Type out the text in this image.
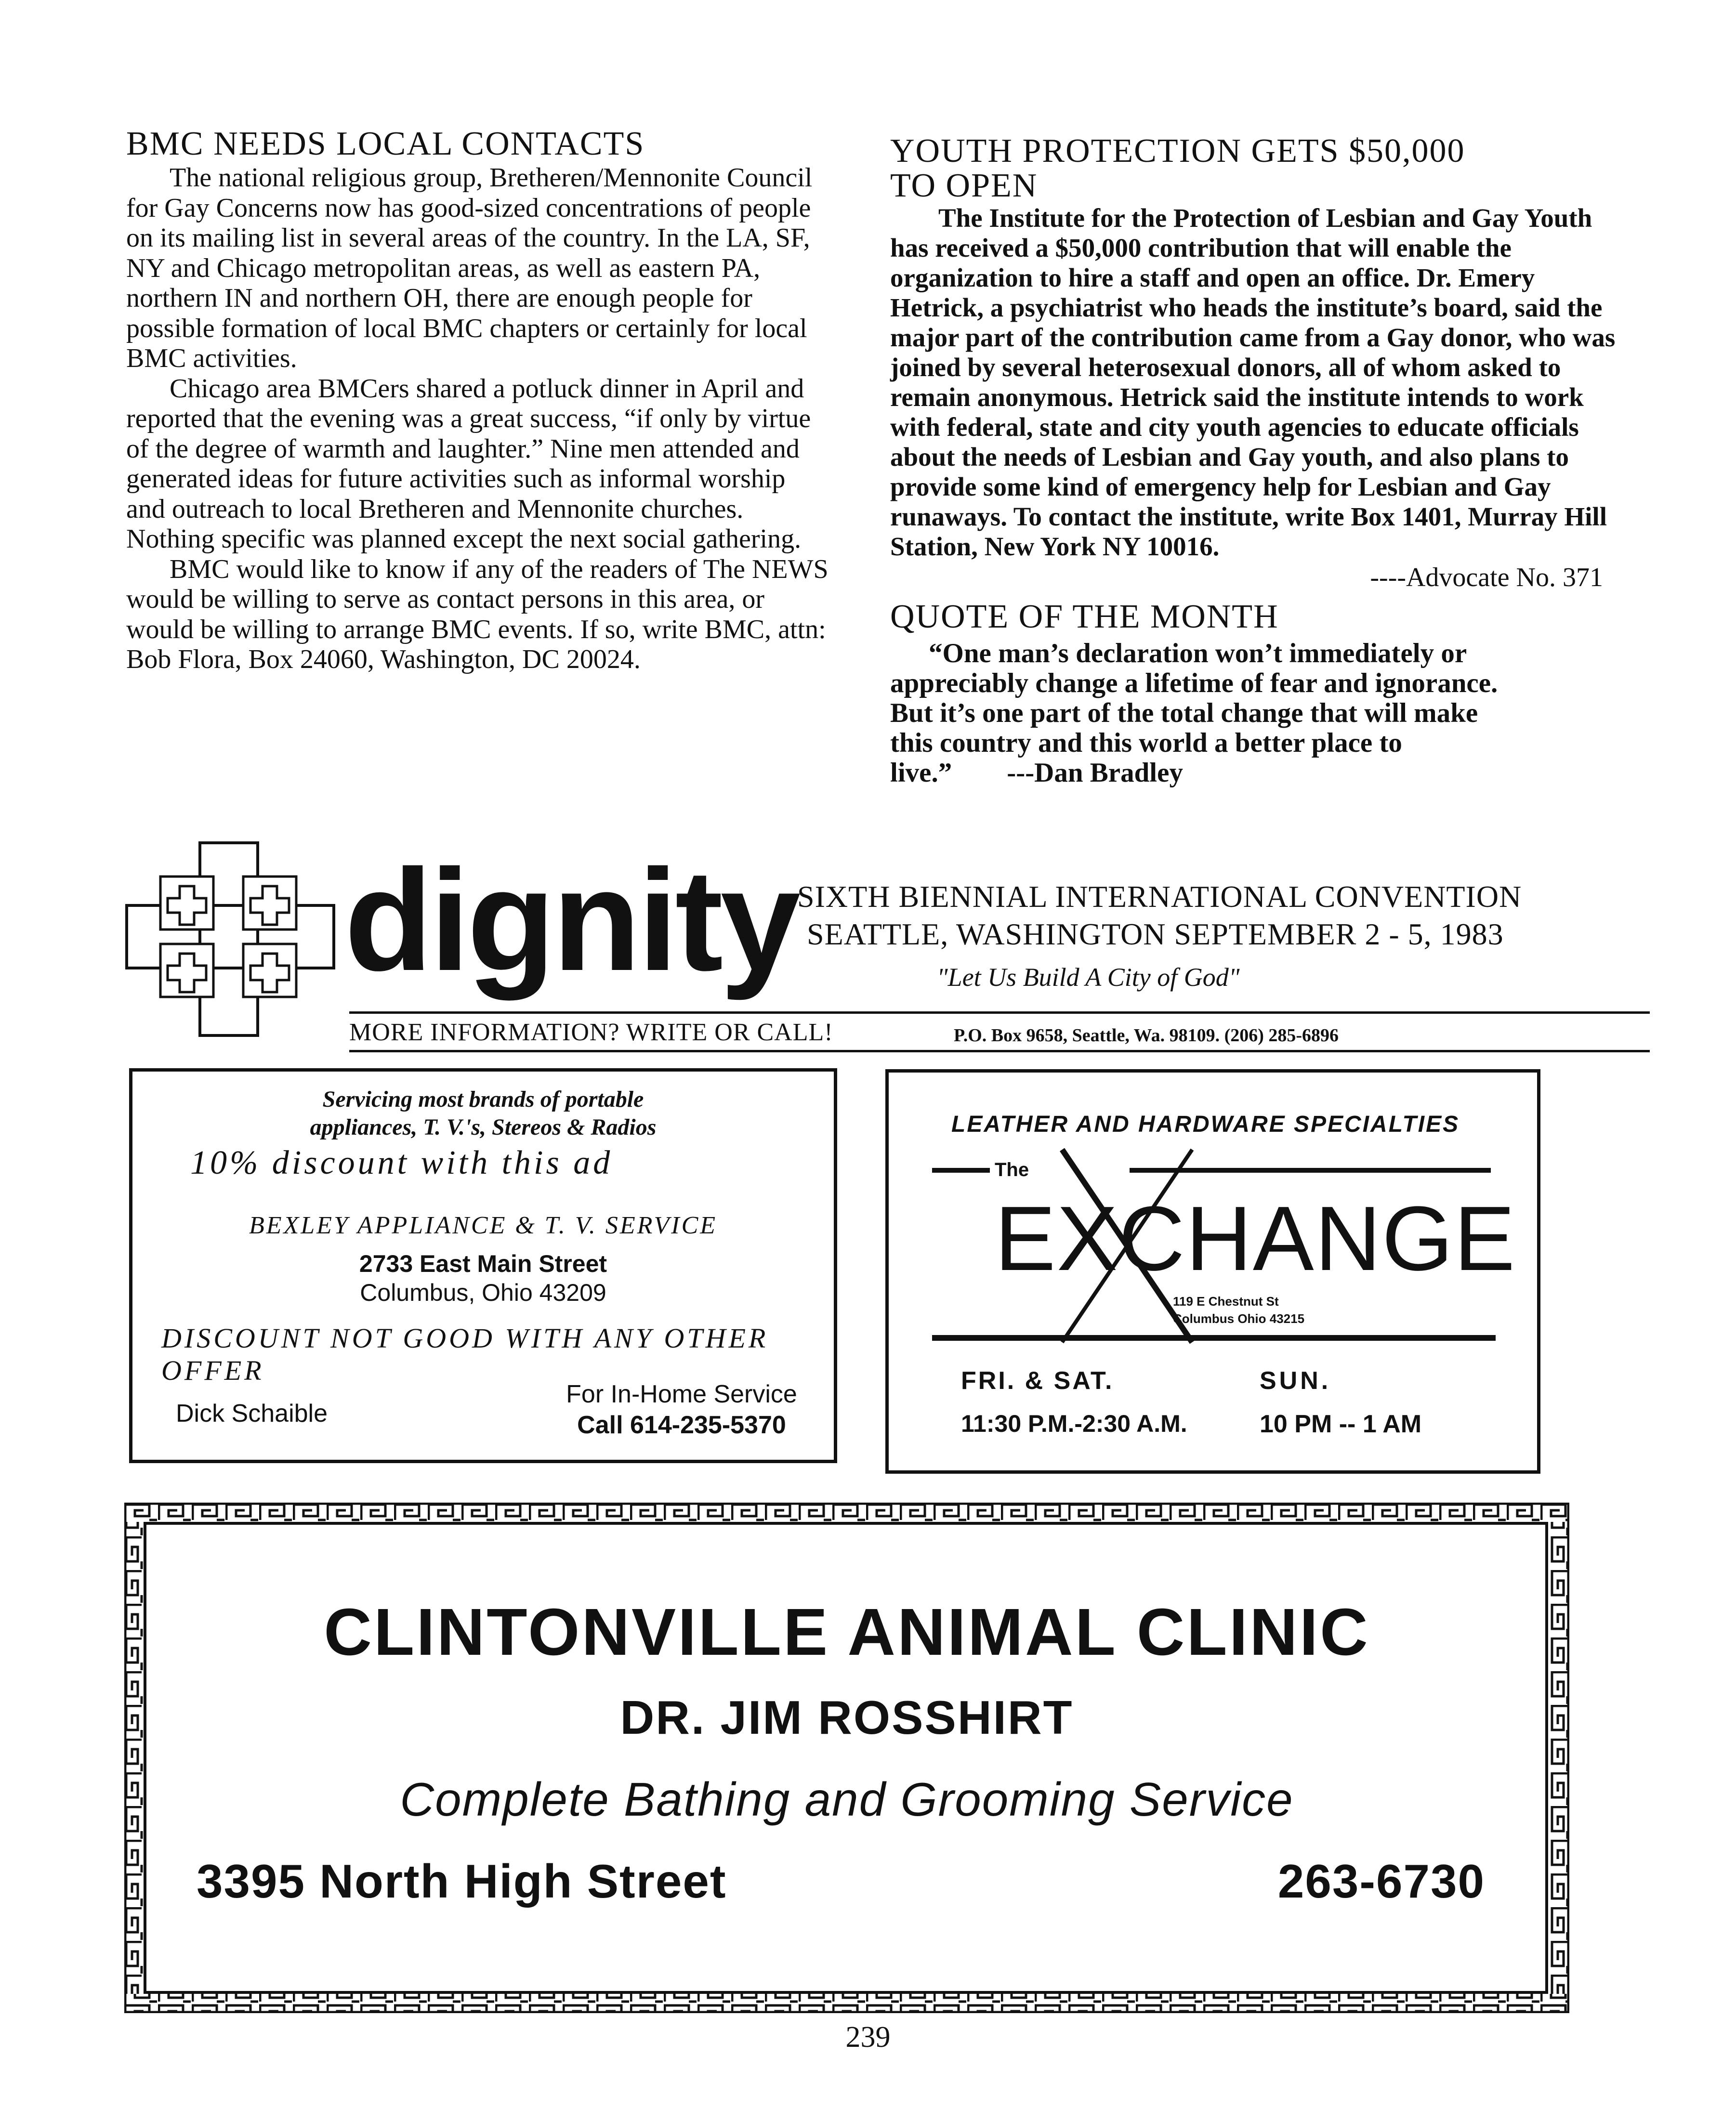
BMC NEEDS LOCAL CONTACTS

The national religious group, Bretheren/Mennonite Council for Gay Concerns now has good-sized concentrations of people on its mailing list in several areas of the country. In the LA, SF, NY and Chicago metropolitan areas, as well as eastern PA, northern IN and northern OH, there are enough people for possible formation of local BMC chapters or certainly for local BMC activities.

Chicago area BMCers shared a potluck dinner in April and reported that the evening was a great success, “if only by virtue of the degree of warmth and laughter.” Nine men attended and generated ideas for future activities such as informal worship and outreach to local Bretheren and Mennonite churches. Nothing specific was planned except the next social gathering.

BMC would like to know if any of the readers of The NEWS would be willing to serve as contact persons in this area, or would be willing to arrange BMC events. If so, write BMC, attn: Bob Flora, Box 24060, Washington, DC 20024.

YOUTH PROTECTION GETS $50,000
TO OPEN

The Institute for the Protection of Lesbian and Gay Youth has received a $50,000 contribution that will enable the organization to hire a staff and open an office. Dr. Emery Hetrick, a psychiatrist who heads the institute’s board, said the major part of the contribution came from a Gay donor, who was joined by several heterosexual donors, all of whom asked to remain anonymous. Hetrick said the institute intends to work with federal, state and city youth agencies to educate officials about the needs of Lesbian and Gay youth, and also plans to provide some kind of emergency help for Lesbian and Gay runaways. To contact the institute, write Box 1401, Murray Hill Station, New York NY 10016.

----Advocate No. 371
QUOTE OF THE MONTH

“One man’s declaration won’t immediately or appreciably change a lifetime of fear and ignorance. But it’s one part of the total change that will make this country and this world a better place to live.” ---Dan Bradley

dignity
SIXTH BIENNIAL INTERNATIONAL CONVENTION
SEATTLE, WASHINGTON SEPTEMBER 2 - 5, 1983
"Let Us Build A City of God"
MORE INFORMATION? WRITE OR CALL!	P.O. Box 9658, Seattle, Wa. 98109. (206) 285-6896
Servicing most brands of portable
appliances, T. V.'s, Stereos & Radios
10% discount with this ad
BEXLEY APPLIANCE & T. V. SERVICE
2733 East Main Street
Columbus, Ohio 43209
DISCOUNT NOT GOOD WITH ANY OTHER OFFER
Dick Schaible
For In-Home Service
Call 614-235-5370
LEATHER AND HARDWARE SPECIALTIES
The
EXCHANGE
119 E Chestnut St
Columbus Ohio 43215
FRI. & SAT.	SUN.
11:30 P.M.-2:30 A.M.	10 PM -- 1 AM
CLINTONVILLE ANIMAL CLINIC
DR. JIM ROSSHIRT
Complete Bathing and Grooming Service
3395 North High Street	263-6730
239
